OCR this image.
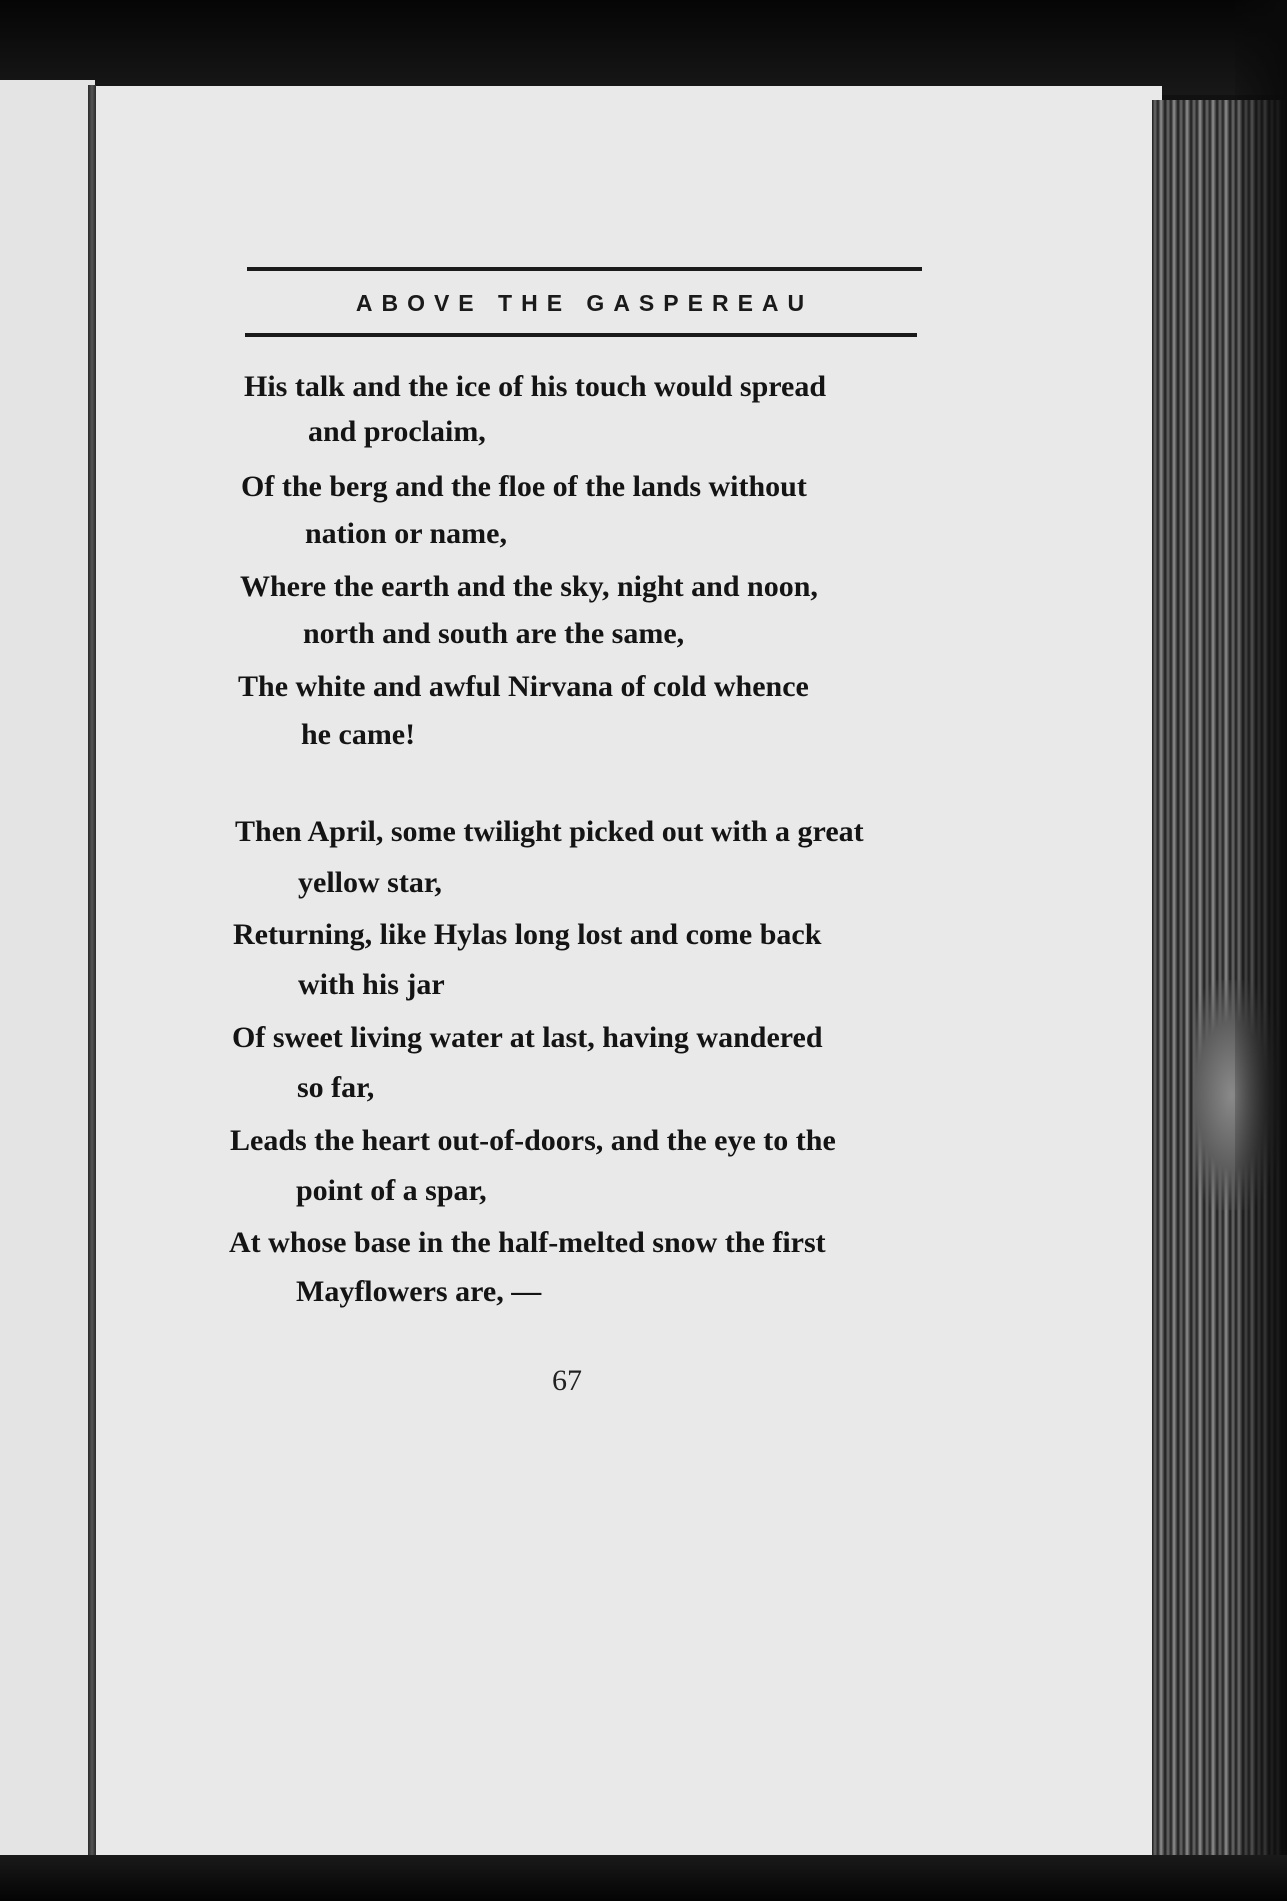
ABOVE THE GASPEREAU
His talk and the ice of his touch would spread
and proclaim,
Of the berg and the floe of the lands without
nation or name,
Where the earth and the sky, night and noon,
north and south are the same,
The white and awful Nirvana of cold whence
he came!
Then April, some twilight picked out with a great
yellow star,
Returning, like Hylas long lost and come back
with his jar
Of sweet living water at last, having wandered
so far,
Leads the heart out-of-doors, and the eye to the
point of a spar,
At whose base in the half-melted snow the first
Mayflowers are, —
67
